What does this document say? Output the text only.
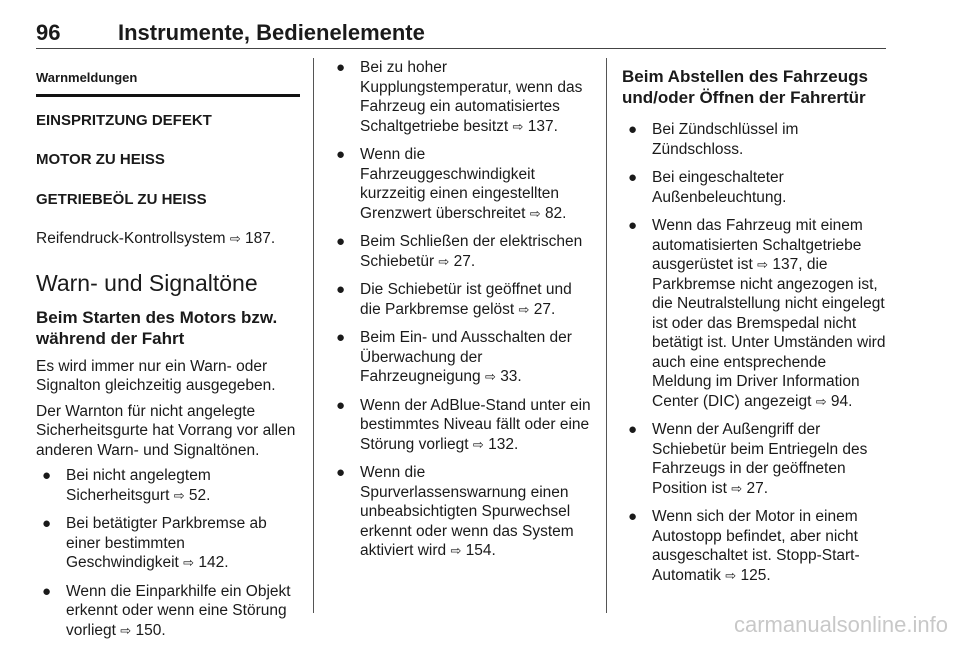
96	Instrumente, Bedienelemente
Warnmeldungen
EINSPRITZUNG DEFEKT
MOTOR ZU HEISS
GETRIEBEÖL ZU HEISS

Reifendruck-Kontrollsystem ⇨ 187.

Warn- und Signaltöne
Beim Starten des Motors bzw. während der Fahrt

Es wird immer nur ein Warn- oder Signalton gleichzeitig ausgegeben.

Der Warnton für nicht angelegte Sicherheitsgurte hat Vorrang vor allen anderen Warn- und Signaltönen.

● Bei nicht angelegtem Sicherheitsgurt ⇨ 52.
● Bei betätigter Parkbremse ab einer bestimmten Geschwindigkeit ⇨ 142.
● Wenn die Einparkhilfe ein Objekt erkennt oder wenn eine Störung vorliegt ⇨ 150.
● Bei zu hoher Kupplungstemperatur, wenn das Fahrzeug ein automatisiertes Schaltgetriebe besitzt ⇨ 137.
● Wenn die Fahrzeuggeschwindigkeit kurzzeitig einen eingestellten Grenzwert überschreitet ⇨ 82.
● Beim Schließen der elektrischen Schiebetür ⇨ 27.
● Die Schiebetür ist geöffnet und die Parkbremse gelöst ⇨ 27.
● Beim Ein- und Ausschalten der Überwachung der Fahrzeugneigung ⇨ 33.
● Wenn der AdBlue-Stand unter ein bestimmtes Niveau fällt oder eine Störung vorliegt ⇨ 132.
● Wenn die Spurverlassenswarnung einen unbeabsichtigten Spurwechsel erkennt oder wenn das System aktiviert wird ⇨ 154.
Beim Abstellen des Fahrzeugs und/oder Öffnen der Fahrertür
● Bei Zündschlüssel im Zündschloss.
● Bei eingeschalteter Außenbeleuchtung.
● Wenn das Fahrzeug mit einem automatisierten Schaltgetriebe ausgerüstet ist ⇨ 137, die Parkbremse nicht angezogen ist, die Neutralstellung nicht eingelegt ist oder das Bremspedal nicht betätigt ist. Unter Umständen wird auch eine entsprechende Meldung im Driver Information Center (DIC) angezeigt ⇨ 94.
● Wenn der Außengriff der Schiebetür beim Entriegeln des Fahrzeugs in der geöffneten Position ist ⇨ 27.
● Wenn sich der Motor in einem Autostopp befindet, aber nicht ausgeschaltet ist. Stopp-Start-Automatik ⇨ 125.
carmanualsonline.info
